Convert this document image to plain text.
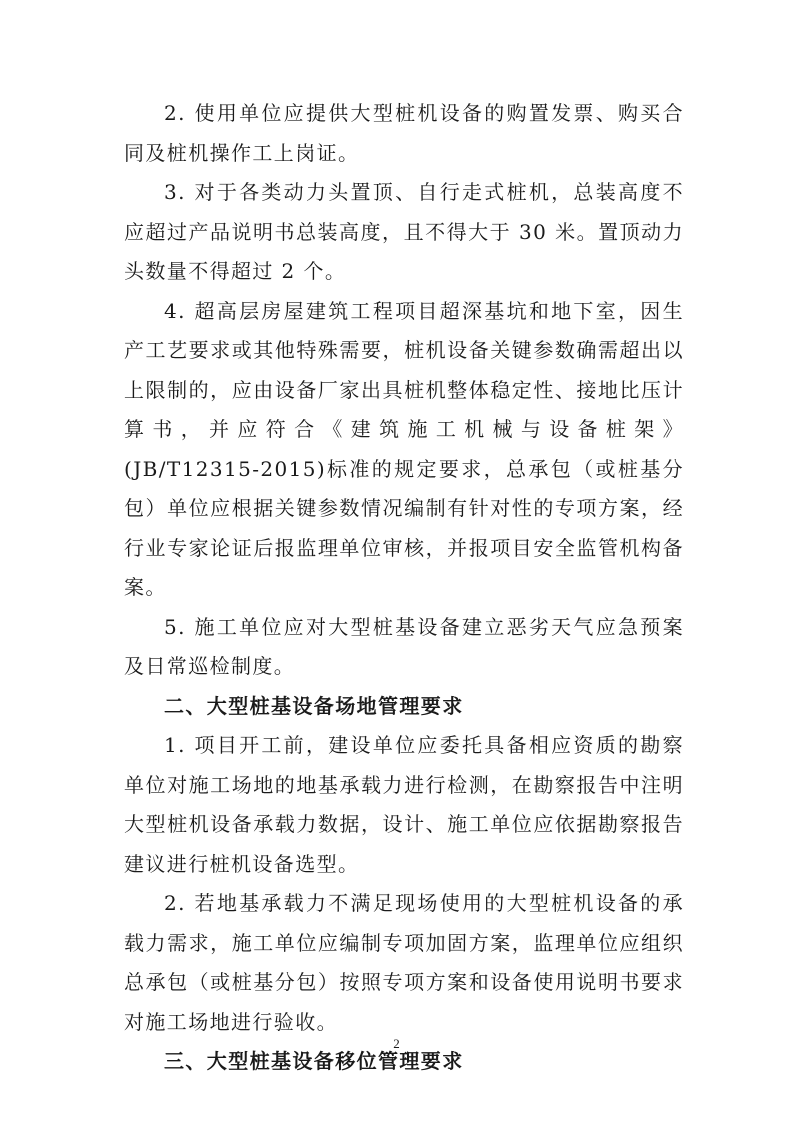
2. 使用单位应提供大型桩机设备的购置发票、购买合同及桩机操作工上岗证。

3. 对于各类动力头置顶、自行走式桩机，总装高度不应超过产品说明书总装高度，且不得大于 30 米。置顶动力头数量不得超过 2 个。

4. 超高层房屋建筑工程项目超深基坑和地下室，因生产工艺要求或其他特殊需要，桩机设备关键参数确需超出以上限制的，应由设备厂家出具桩机整体稳定性、接地比压计算书，并应符合《建筑施工机械与设备桩架》(JB/T12315-2015)标准的规定要求，总承包（或桩基分包）单位应根据关键参数情况编制有针对性的专项方案，经行业专家论证后报监理单位审核，并报项目安全监管机构备案。

5. 施工单位应对大型桩基设备建立恶劣天气应急预案及日常巡检制度。

二、大型桩基设备场地管理要求

1. 项目开工前，建设单位应委托具备相应资质的勘察单位对施工场地的地基承载力进行检测，在勘察报告中注明大型桩机设备承载力数据，设计、施工单位应依据勘察报告建议进行桩机设备选型。

2. 若地基承载力不满足现场使用的大型桩机设备的承载力需求，施工单位应编制专项加固方案，监理单位应组织总承包（或桩基分包）按照专项方案和设备使用说明书要求对施工场地进行验收。

三、大型桩基设备移位管理要求

2
